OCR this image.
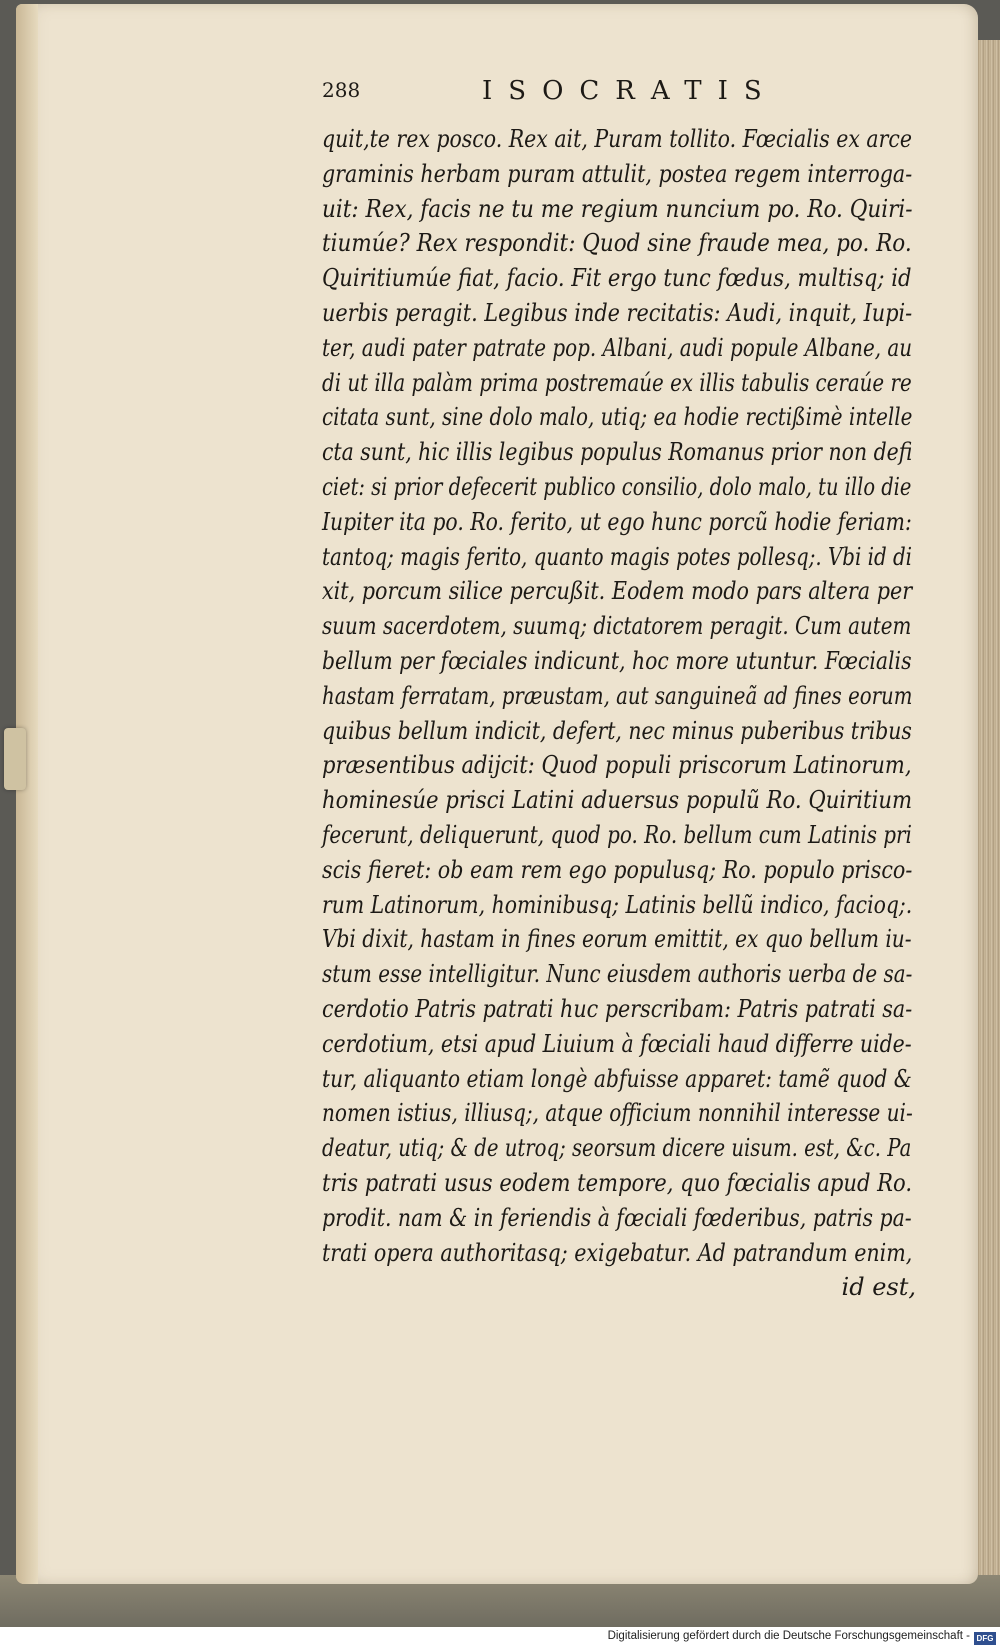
288	ISOCRATIS
quit,te rex posco. Rex ait, Puram tollito. Fœcialis ex arce
graminis herbam puram attulit, postea regem interroga-
uit: Rex, facis ne tu me regium nuncium po. Ro. Quiri-
tiumúe? Rex respondit: Quod sine fraude mea, po. Ro.
Quiritiumúe fiat, facio. Fit ergo tunc fœdus, multisq; id
uerbis peragit. Legibus inde recitatis: Audi, inquit, Iupi-
ter, audi pater patrate pop. Albani, audi popule Albane, au
di ut illa palàm prima postremaúe ex illis tabulis ceraúe re
citata sunt, sine dolo malo, utiq; ea hodie rectißimè intelle
cta sunt, hic illis legibus populus Romanus prior non defi
ciet: si prior defecerit publico consilio, dolo malo, tu illo die
Iupiter ita po. Ro. ferito, ut ego hunc porcũ hodie feriam:
tantoq; magis ferito, quanto magis potes pollesq;. Vbi id di
xit, porcum silice percußit. Eodem modo pars altera per
suum sacerdotem, suumq; dictatorem peragit. Cum autem
bellum per fœciales indicunt, hoc more utuntur. Fœcialis
hastam ferratam, præustam, aut sanguineã ad fines eorum
quibus bellum indicit, defert, nec minus puberibus tribus
præsentibus adijcit: Quod populi priscorum Latinorum,
hominesúe prisci Latini aduersus populũ Ro. Quiritium
fecerunt, deliquerunt, quod po. Ro. bellum cum Latinis pri
scis fieret: ob eam rem ego populusq; Ro. populo prisco-
rum Latinorum, hominibusq; Latinis bellũ indico, facioq;.
Vbi dixit, hastam in fines eorum emittit, ex quo bellum iu-
stum esse intelligitur. Nunc eiusdem authoris uerba de sa-
cerdotio Patris patrati huc perscribam: Patris patrati sa-
cerdotium, etsi apud Liuium à fœciali haud differre uide-
tur, aliquanto etiam longè abfuisse apparet: tamẽ quod &
nomen istius, illiusq;, atque officium nonnihil interesse ui-
deatur, utiq; & de utroq; seorsum dicere uisum. est, &c. Pa
tris patrati usus eodem tempore, quo fœcialis apud Ro.
prodit. nam & in feriendis à fœciali fœderibus, patris pa-
trati opera authoritasq; exigebatur. Ad patrandum enim,
id est,
Digitalisierung gefördert durch die Deutsche Forschungsgemeinschaft - DFG
